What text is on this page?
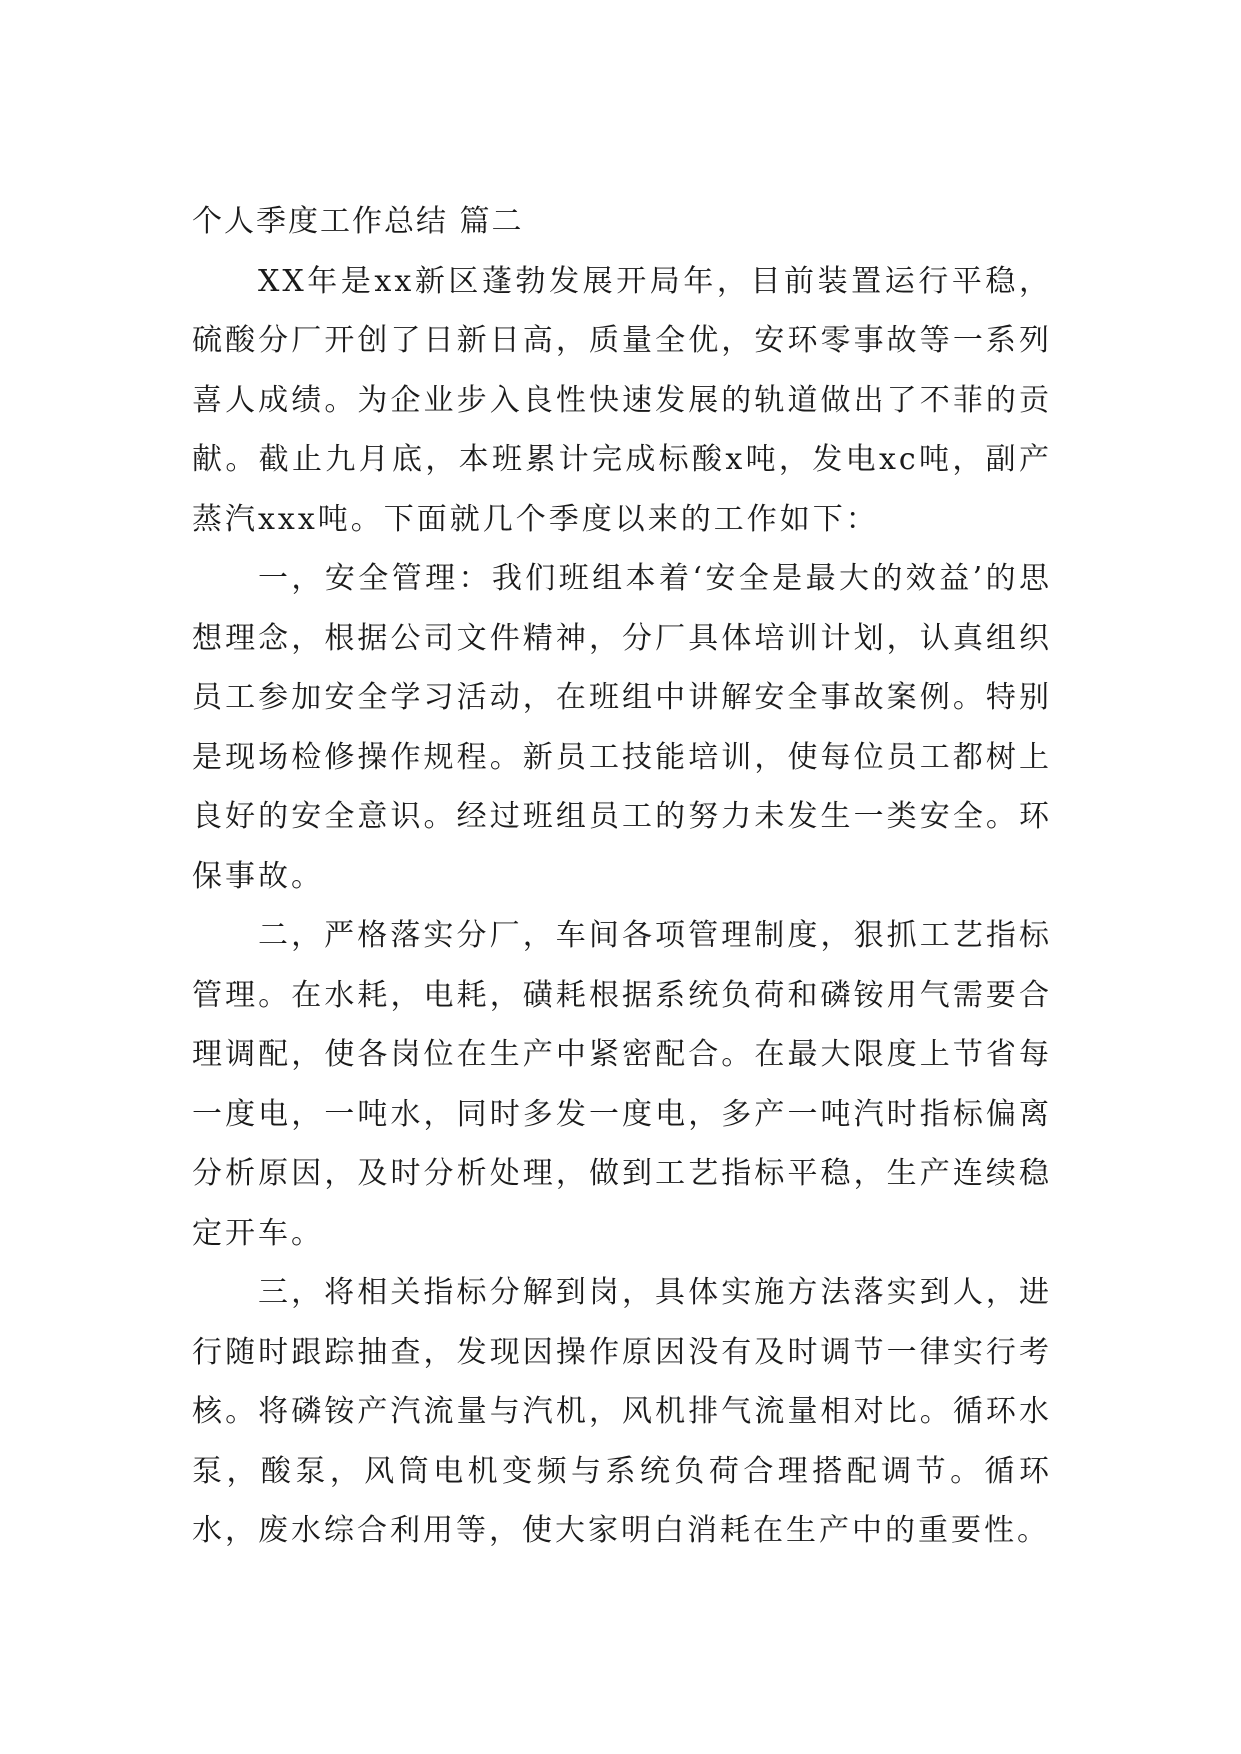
个人季度工作总结 篇二

XX年是xx新区蓬勃发展开局年，目前装置运行平稳，硫酸分厂开创了日新日高，质量全优，安环零事故等一系列喜人成绩。为企业步入良性快速发展的轨道做出了不菲的贡献。截止九月底，本班累计完成标酸x吨，发电xc吨，副产蒸汽xxx吨。下面就几个季度以来的工作如下：

一，安全管理：我们班组本着‘安全是最大的效益’的思想理念，根据公司文件精神，分厂具体培训计划，认真组织员工参加安全学习活动，在班组中讲解安全事故案例。特别是现场检修操作规程。新员工技能培训，使每位员工都树上良好的安全意识。经过班组员工的努力未发生一类安全。环保事故。

二，严格落实分厂，车间各项管理制度，狠抓工艺指标管理。在水耗，电耗，磺耗根据系统负荷和磷铵用气需要合理调配，使各岗位在生产中紧密配合。在最大限度上节省每一度电，一吨水，同时多发一度电，多产一吨汽时指标偏离分析原因，及时分析处理，做到工艺指标平稳，生产连续稳定开车。

三，将相关指标分解到岗，具体实施方法落实到人，进行随时跟踪抽查，发现因操作原因没有及时调节一律实行考核。将磷铵产汽流量与汽机，风机排气流量相对比。循环水泵，酸泵，风筒电机变频与系统负荷合理搭配调节。循环水，废水综合利用等，使大家明白消耗在生产中的重要性。
